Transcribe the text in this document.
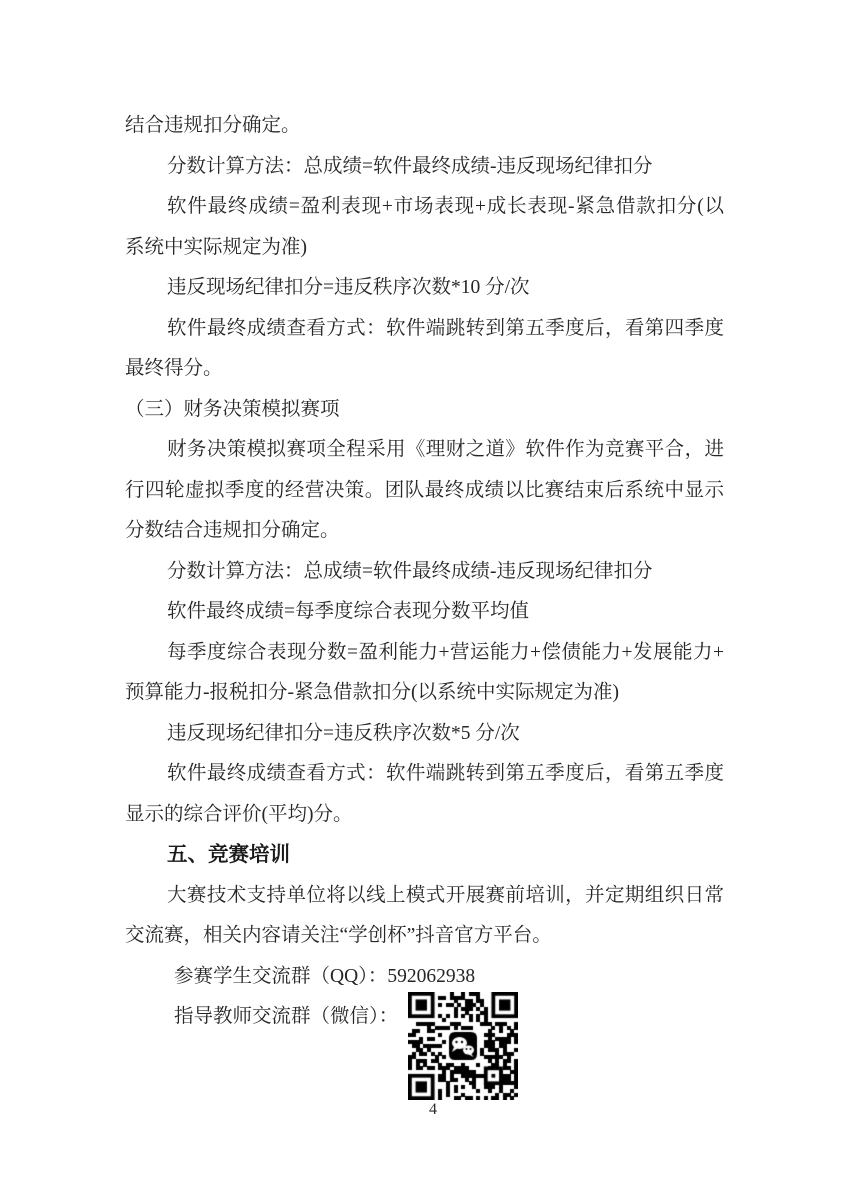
结合违规扣分确定。
分数计算方法：总成绩=软件最终成绩-违反现场纪律扣分
软件最终成绩=盈利表现+市场表现+成长表现-紧急借款扣分(以
系统中实际规定为准)
违反现场纪律扣分=违反秩序次数*10 分/次
软件最终成绩查看方式：软件端跳转到第五季度后，看第四季度
最终得分。
（三）财务决策模拟赛项
财务决策模拟赛项全程采用《理财之道》软件作为竞赛平合，进
行四轮虚拟季度的经营决策。团队最终成绩以比赛结束后系统中显示
分数结合违规扣分确定。
分数计算方法：总成绩=软件最终成绩-违反现场纪律扣分
软件最终成绩=每季度综合表现分数平均值
每季度综合表现分数=盈利能力+营运能力+偿债能力+发展能力+
预算能力-报税扣分-紧急借款扣分(以系统中实际规定为准)
违反现场纪律扣分=违反秩序次数*5 分/次
软件最终成绩查看方式：软件端跳转到第五季度后，看第五季度
显示的综合评价(平均)分。
五、竞赛培训
大赛技术支持单位将以线上模式开展赛前培训，并定期组织日常
交流赛，相关内容请关注“学创杯”抖音官方平台。
参赛学生交流群（QQ）：592062938
指导教师交流群（微信）：
4
